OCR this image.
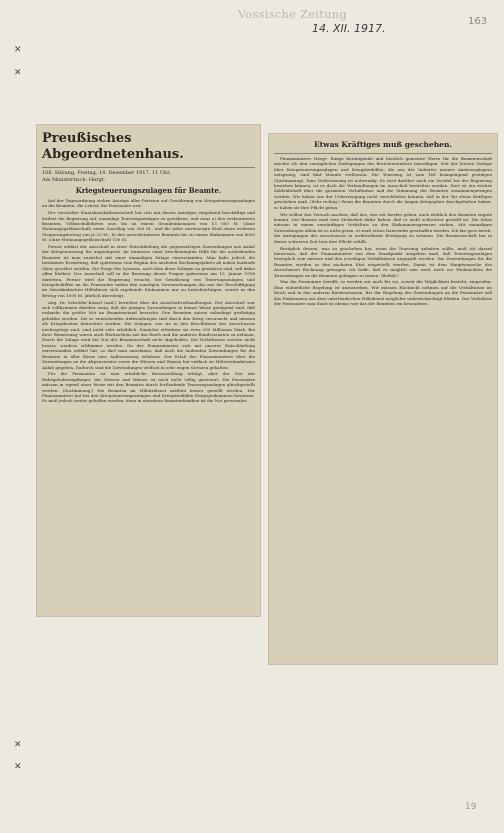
Vossische Zeitung
14. XII. 1917.
163
✕
✕
✕
✕
19
Preußisches Abgeordnetenhaus.
108. Sitzung, Freitag, 14. Dezember 1917, 11 Uhr.
Am Ministertisch: Hergt.
Kriegsteuerungszulagen für Beamte.

Auf der Tagesordnung stehen Anträge aller Parteien auf Gewährung von Kriegsteuerungszulagen an die Beamten, die Lehrer, die Pensionäre usw.

Der verstärkte Staatshaushaltsausschuß hat sich mit diesen Anträgen eingehend beschäftigt und fordert die Regierung auf, einmalige Teuerungszulagen zu gewähren, und zwar a) den verheirateten Beamten, Volksschullehrern usw. bis zu einem Grundeinkommen von 13 000 M. (ohne Wohnungsgeldzuschuß) einen Zuschlag von 300 M., und für jedes unversorgte Kind einen weiteren Steigerungsbetrag von je 20 M., b) den unverheirateten Beamten bis zu einem Einkommen von 8000 M. (ohne Wohnungsgeldzuschuß) 150 M.

Ferner erklärt der Ausschuß in einer Entschließung die gegenwärtigen Zuwendungen aus Anlaß der Kriegsteuerung für ungenügend. Im Interesse einer beschleunigten Hilfe für die notleidenden Beamten ist man zunächst mit einer einmaligen Zulage einverstanden. Man habe jedoch die bestimmte Erwartung, daß spätestens vom Beginn des nächsten Rechnungsjahres ab neben laufende Sätze gewährt werden. Die Frage des Systems, nach dem diese Zulagen zu gewähren sind, soll dabei offen bleiben. Der Ausschuß soll in die Beratung dieser Fragen spätestens am 15. Januar 1918 eintreten. Ferner wird die Regierung ersucht, bei Gewährung von Teuerungszulagen und Kriegsbeihilfen an die Pensionäre neben den sonstigen Voraussetzungen das aus der Beschäftigung im Vaterländischen Hilfsdienst sich ergebende Einkommen nur zu berücksichtigen, soweit es den Betrag von 1000 M. jährlich übersteigt.

Abg. Dr. Schröder-Kassel (natl.) berichtet über die Ausschußverhandlungen. Der Ausschuß war sich vollkommen darüber einig, daß die jetzigen Zuwendungen in keiner Weise genügend sind, daß vielmehr die größte Not im Beamtenstand herrsche. Den Beamten müsse unbedingt großzügig geholfen werden. Die so entstehenden Aufwendungen sind durch den Krieg verursacht und müssen als Kriegskosten betrachtet werden. Die Zulagen, wie sie in den Beschlüssen des Ausschusses niedergelegt sind, sind nicht sehr erheblich. Zunächst erfordern sie etwa 200 Millionen Mark. Bei ihrer Bemessung waren auch Rücksichten auf das Reich und die anderen Bundesstaaten zu nehmen. Durch die Zulage wird der Not der Beamtenschaft nicht abgeholfen. Die Verhältnisse werden nicht besser, sondern schlimmer werden. Da der Finanzminister sich mit unserer Entschließung einverstanden erklärt hat, so darf man annehmen, daß auch die laufenden Zuwendungen für die Beamten in aller Kürze eine Aufbesserung erfahren. Der Erlaß des Finanzministers über die Zuwendungen an die Altpensionäre sowie die Witwen und Waisen hat vielfach zu Mißverständnissen Anlaß gegeben. Dadurch sind die Zuwendungen vielfach in sehr engen Grenzen gehalten.

Für die Pensionäre ist eine erhebliche Besserstellung erfolgt, aber der Not der Ruhegehaltsempfänger, der Witwen und Waisen ist noch nicht völlig gesteuert. Die Pensionäre müssen in irgend einer Weise mit den Beamten durch fortlaufende Teuerungszulagen gleichgestellt werden. (Zustimmung.) Die Beamten im Militärdienst müßten besser gestellt werden. Der Finanzminister hat bei den Kriegsteuerungszulagen und Kriegsbeihilfen Entgegenkommen bewiesen. Es muß jedoch weiter geholfen werden, denn in einzelnen Beamtenfamilien ist die Not grenzenlos.

Etwas Kräftiges muß geschehen.

Finanzminister Hergt: Einige beruhigende und herzlich gemeinte Worte für die Beamtenschaft möchte ich den vorzüglichen Darlegungen des Berichterstatters hinzufügen. Seit der letzten Vorlage über Kriegsteuerungszulagen und Kriegsbeihilfen, die aus der Initiative meines Amtsvorgängers entsprang, sind fünf Monate verflossen. Die Teuerung ist zum Teil beängstigend gestiegen (Zustimmung). Eine Verbesserung ist notwendig. Es wird darüber auch ein Zweifel bei der Regierung bestehen können, ist es doch die Verbandlungen im Ausschuß bestritten worden. Dort ist ein reicher Zahlenbehelf über die gesamten Verhältnisse und die Stimmung der Beamten zusammengetragen worden. Wir haben uns der Ueberzeugung nicht verschließen können, daß in der Tat etwas Kräftiges geschehen muß. (Sehr richtig.) Wenn die Beamten durch die langen Kriegsjahre durchgehalten haben, so haben sie ihre Pflicht getan.

Wir wollen den Versuch machen, daß das, was wir hierbei geben, auch wirklich den Beamten zugute kommt. Der Beamte muß eine Sicherheit dafür haben, daß er nicht schlechter gestellt ist. Die Sätze müssen in einem vernünftigen Verhältnis zu den Einkommensgrenzen stehen. Mit einmaligen Zuwendungen allein ist es nicht getan, es muß etwas Dauerndes geschaffen werden. Ich bin gern bereit, die Anregungen des Ausschusses in wohlwollende Erwägung zu nehmen. Die Beamtenschaft hat in dieser schweren Zeit treu ihre Pflicht erfüllt.

Bezüglich dessen, was zu geschehen hat, wenn die Teuerung anhalten sollte, muß ich darauf hinweisen, daß der Finanzminister von dem Standpunkt ausgehen muß, daß Teuerungszulagen beweglich sein müssen und den jeweiligen Verhältnissen angepaßt werden. Die Zuwendungen für die Beamten werden in den nächsten Etat eingestellt werden. Damit ist dem Hauptwunsche des Ausschusses Rechnung getragen. Ich hoffe, daß es möglich sein wird, noch vor Weihnachten die Zuwendungen an die Beamten gelangen zu lassen. (Beifall.)

Was die Pensionäre betrifft, so werden wir auch für sie, soweit die Möglichkeit besteht, eingreifen. Eine einheitliche Regelung ist anzustreben. Wir müssen Rücksicht nehmen auf die Verhältnisse im Reich und in den anderen Bundesstaaten. Bei der Regelung der Zuwendungen an die Pensionäre soll das Einkommen aus dem vaterländischen Hilfsdienst möglichst unberücksichtigt bleiben. Das Verhältnis der Pensionäre zum Staat ist ebenso wie das der Beamten ein besonderes.
